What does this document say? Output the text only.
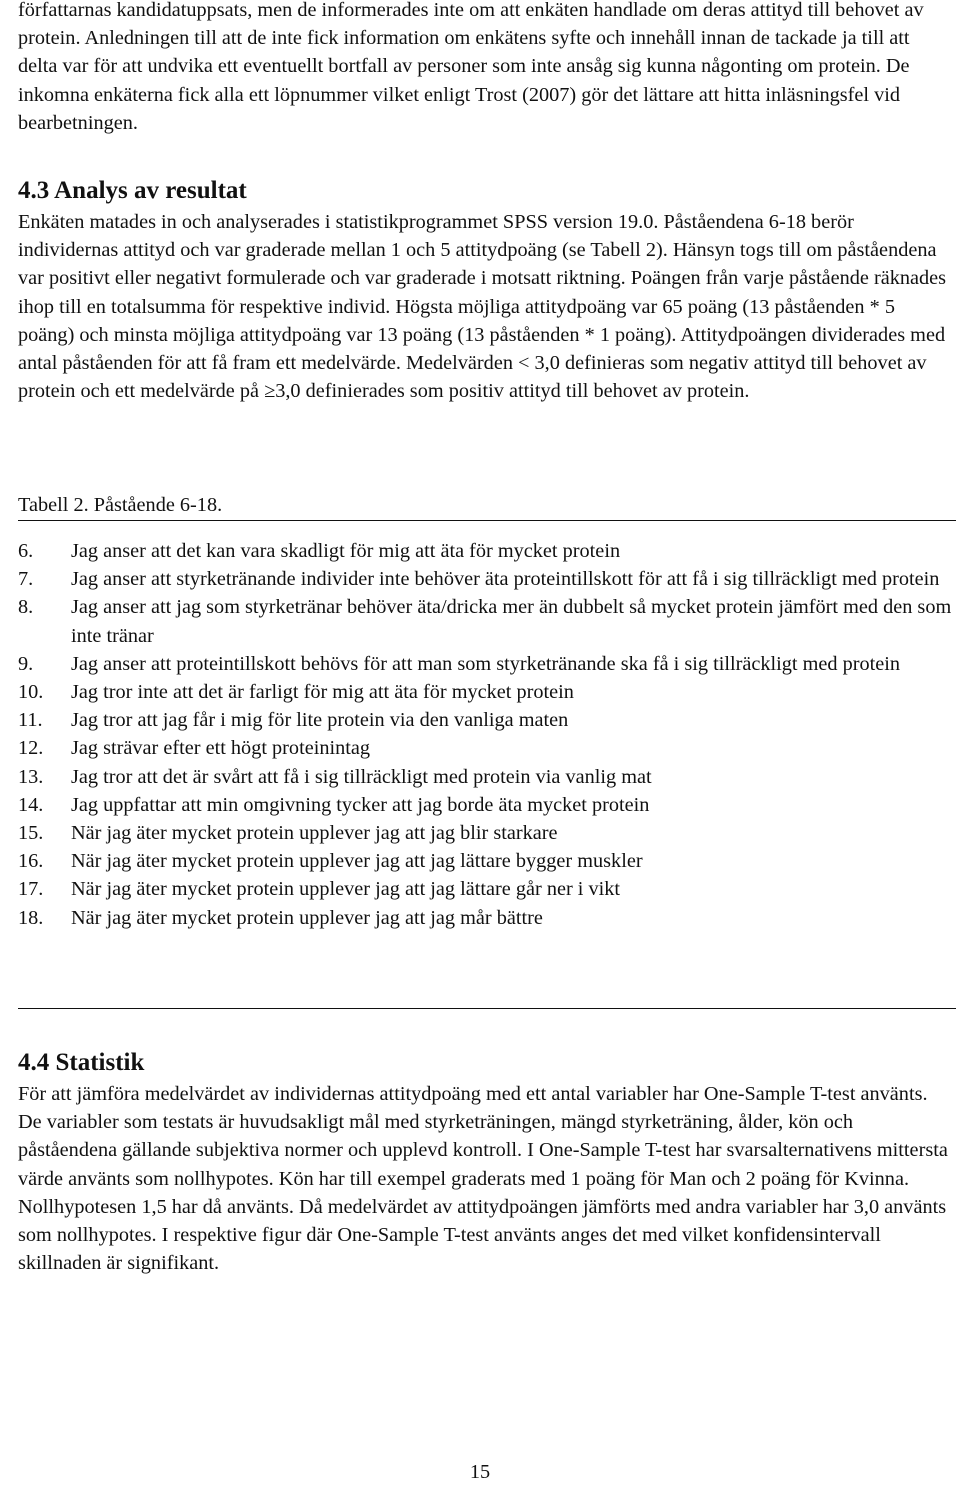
författarnas kandidatuppsats, men de informerades inte om att enkäten handlade om deras attityd till behovet av protein. Anledningen till att de inte fick information om enkätens syfte och innehåll innan de tackade ja till att delta var för att undvika ett eventuellt bortfall av personer som inte ansåg sig kunna någonting om protein. De inkomna enkäterna fick alla ett löpnummer vilket enligt Trost (2007) gör det lättare att hitta inläsningsfel vid bearbetningen.

4.3 Analys av resultat

Enkäten matades in och analyserades i statistikprogrammet SPSS version 19.0. Påståendena 6-18 berör individernas attityd och var graderade mellan 1 och 5 attitydpoäng (se Tabell 2). Hänsyn togs till om påståendena var positivt eller negativt formulerade och var graderade i motsatt riktning. Poängen från varje påstående räknades ihop till en totalsumma för respektive individ. Högsta möjliga attitydpoäng var 65 poäng (13 påståenden * 5 poäng) och minsta möjliga attitydpoäng var 13 poäng (13 påståenden * 1 poäng). Attitydpoängen dividerades med antal påståenden för att få fram ett medelvärde. Medelvärden < 3,0 definieras som negativ attityd till behovet av protein och ett medelvärde på ≥3,0 definierades som positiv attityd till behovet av protein.

Tabell 2. Påstående 6-18.
6.	Jag anser att det kan vara skadligt för mig att äta för mycket protein
7.	Jag anser att styrketränande individer inte behöver äta proteintillskott för att få i sig tillräckligt med protein
8.	Jag anser att jag som styrketränar behöver äta/dricka mer än dubbelt så mycket protein jämfört med den som inte tränar
9.	Jag anser att proteintillskott behövs för att man som styrketränande ska få i sig tillräckligt med protein
10.	Jag tror inte att det är farligt för mig att äta för mycket protein
11.	Jag tror att jag får i mig för lite protein via den vanliga maten
12.	Jag strävar efter ett högt proteinintag
13.	Jag tror att det är svårt att få i sig tillräckligt med protein via vanlig mat
14.	Jag uppfattar att min omgivning tycker att jag borde äta mycket protein
15.	När jag äter mycket protein upplever jag att jag blir starkare
16.	När jag äter mycket protein upplever jag att jag lättare bygger muskler
17.	När jag äter mycket protein upplever jag att jag lättare går ner i vikt
18.	När jag äter mycket protein upplever jag att jag mår bättre
4.4 Statistik

För att jämföra medelvärdet av individernas attitydpoäng med ett antal variabler har One-Sample T-test använts. De variabler som testats är huvudsakligt mål med styrketräningen, mängd styrketräning, ålder, kön och påståendena gällande subjektiva normer och upplevd kontroll. I One-Sample T-test har svarsalternativens mittersta värde använts som nollhypotes. Kön har till exempel graderats med 1 poäng för Man och 2 poäng för Kvinna. Nollhypotesen 1,5 har då använts. Då medelvärdet av attitydpoängen jämförts med andra variabler har 3,0 använts som nollhypotes. I respektive figur där One-Sample T-test använts anges det med vilket konfidensintervall skillnaden är signifikant.

15
